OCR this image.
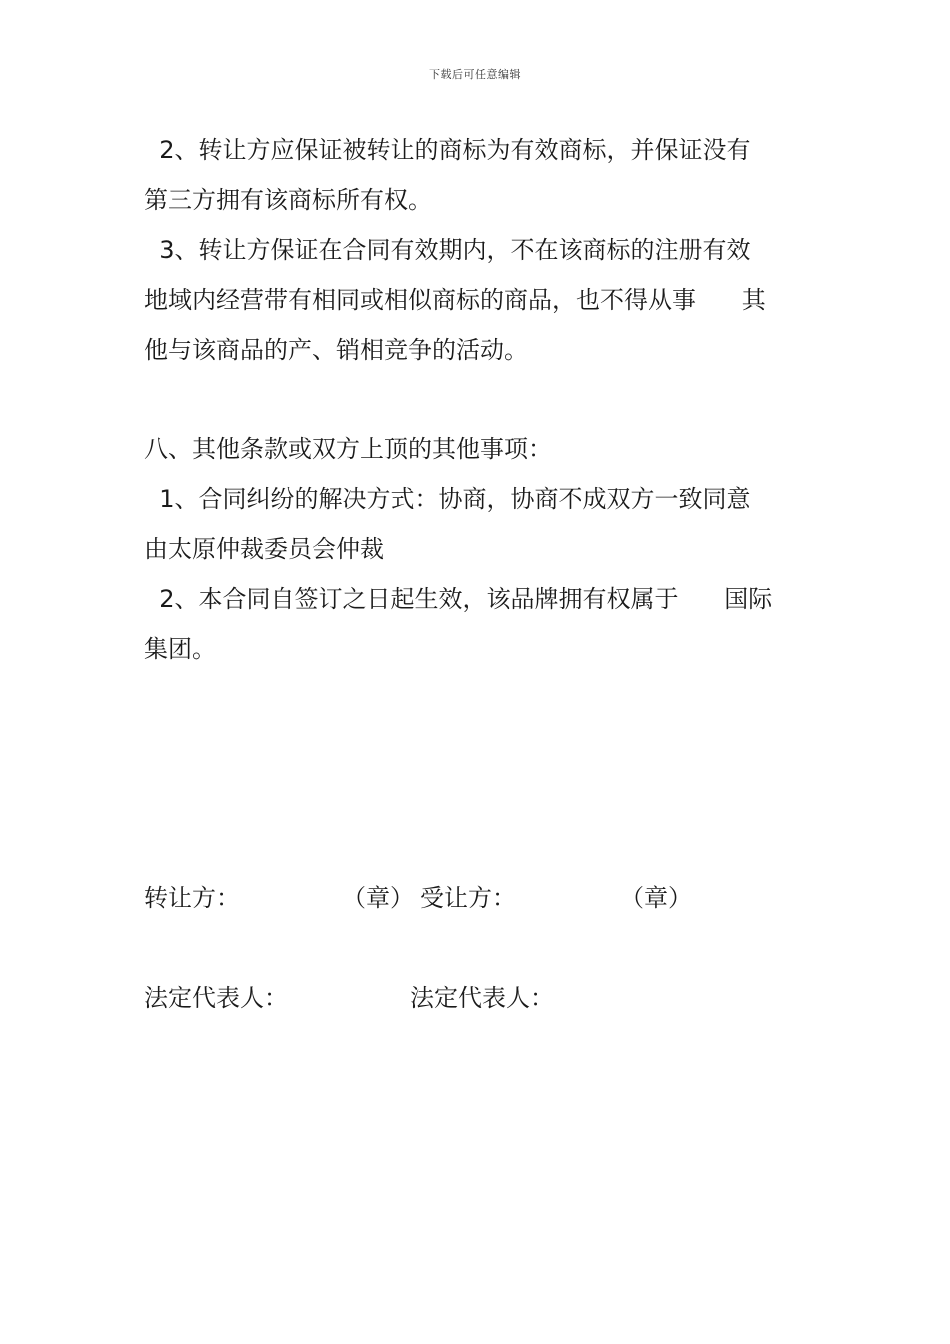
下载后可任意编辑
2、转让方应保证被转让的商标为有效商标，并保证没有
第三方拥有该商标所有权。
3、转让方保证在合同有效期内，不在该商标的注册有效
地域内经营带有相同或相似商标的商品，也不得从事      其
他与该商品的产、销相竞争的活动。
八、其他条款或双方上顶的其他事项：
1、合同纠纷的解决方式：协商，协商不成双方一致同意
由太原仲裁委员会仲裁
2、本合同自签订之日起生效，该品牌拥有权属于      国际
集团。
转让方：	（章） 受让方：	（章）
法定代表人：	法定代表人：
